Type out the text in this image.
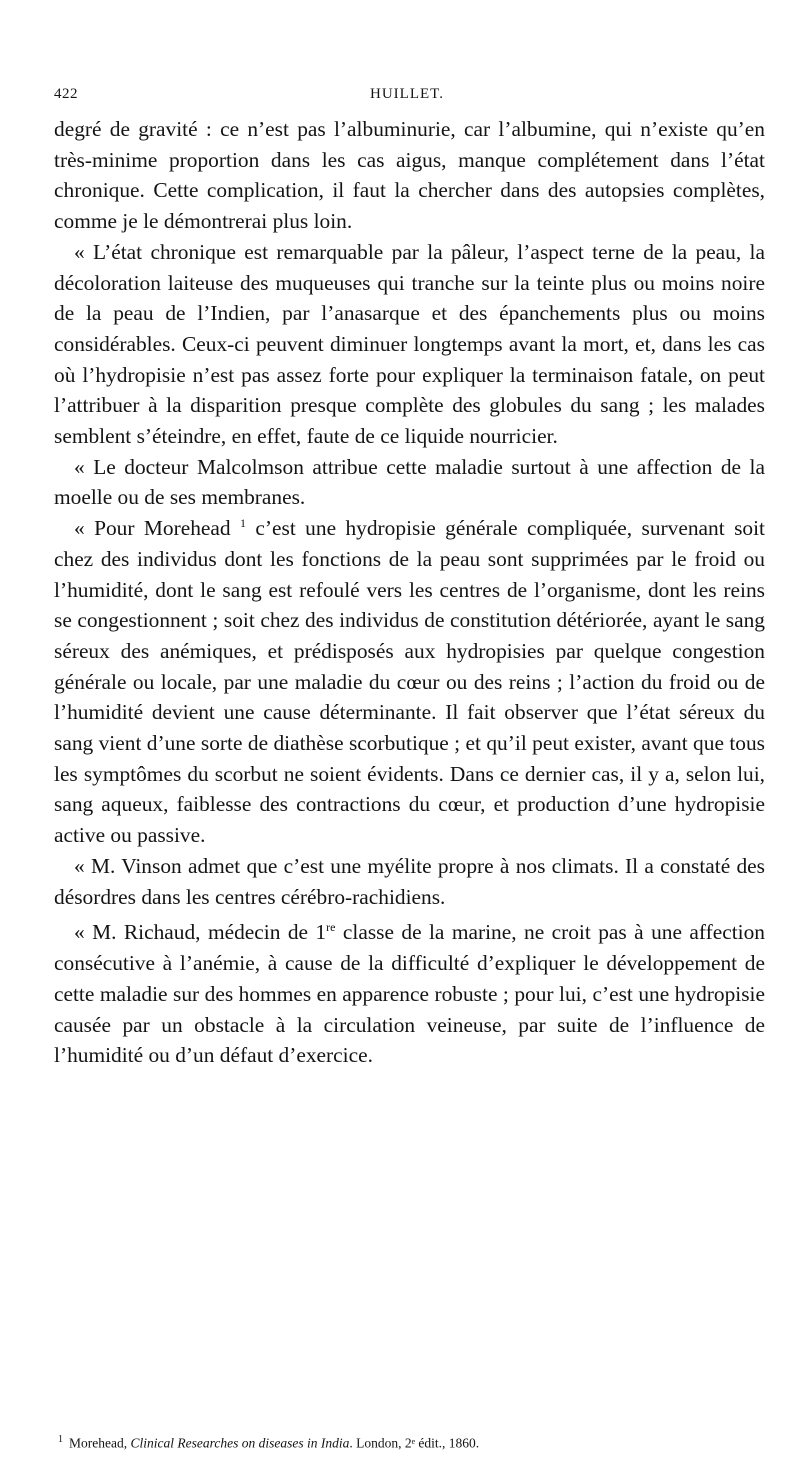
422	HUILLET.

degré de gravité : ce n’est pas l’albuminurie, car l’albumine, qui n’existe qu’en très-minime proportion dans les cas aigus, manque complétement dans l’état chronique. Cette complication, il faut la chercher dans des autopsies complètes, comme je le démontrerai plus loin.

« L’état chronique est remarquable par la pâleur, l’aspect terne de la peau, la décoloration laiteuse des muqueuses qui tranche sur la teinte plus ou moins noire de la peau de l’Indien, par l’anasarque et des épanchements plus ou moins considérables. Ceux-ci peuvent diminuer longtemps avant la mort, et, dans les cas où l’hydropisie n’est pas assez forte pour expliquer la terminaison fatale, on peut l’attribuer à la disparition presque complète des globules du sang ; les malades semblent s’éteindre, en effet, faute de ce liquide nourricier.

« Le docteur Malcolmson attribue cette maladie surtout à une affection de la moelle ou de ses membranes.

« Pour Morehead $^1$ c’est une hydropisie générale compliquée, survenant soit chez des individus dont les fonctions de la peau sont supprimées par le froid ou l’humidité, dont le sang est refoulé vers les centres de l’organisme, dont les reins se congestionnent ; soit chez des individus de constitution détériorée, ayant le sang séreux des anémiques, et prédisposés aux hydropisies par quelque congestion générale ou locale, par une maladie du cœur ou des reins ; l’action du froid ou de l’humidité devient une cause déterminante. Il fait observer que l’état séreux du sang vient d’une sorte de diathèse scorbutique ; et qu’il peut exister, avant que tous les symptômes du scorbut ne soient évidents. Dans ce dernier cas, il y a, selon lui, sang aqueux, faiblesse des contractions du cœur, et production d’une hydropisie active ou passive.

« M. Vinson admet que c’est une myélite propre à nos climats. Il a constaté des désordres dans les centres cérébro-rachidiens.

« M. Richaud, médecin de 1re classe de la marine, ne croit pas à une affection consécutive à l’anémie, à cause de la difficulté d’expliquer le développement de cette maladie sur des hommes en apparence robuste ; pour lui, c’est une hydropisie causée par un obstacle à la circulation veineuse, par suite de l’influence de l’humidité ou d’un défaut d’exercice.

$^1$ Morehead, Clinical Researches on diseases in India. London, 2ᵉ édit., 1860.
